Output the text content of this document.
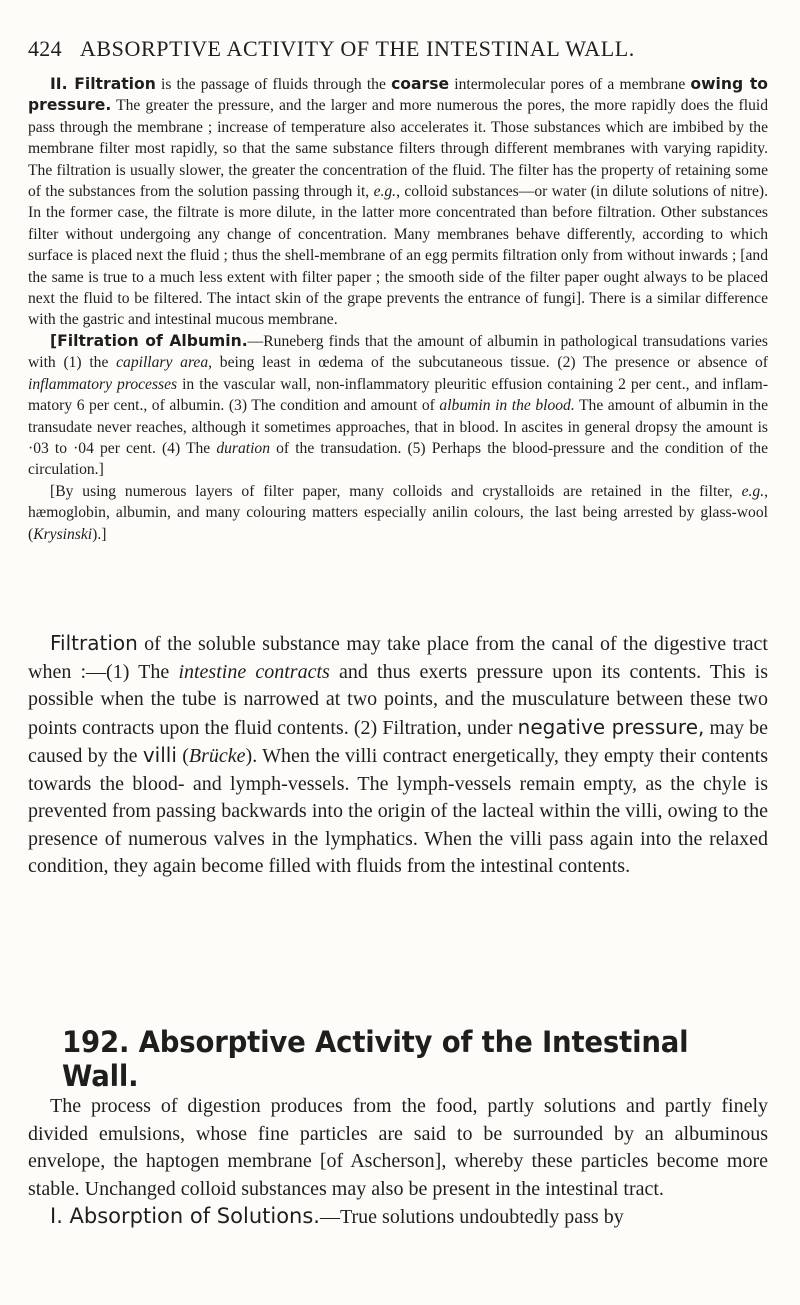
424 ABSORPTIVE ACTIVITY OF THE INTESTINAL WALL.

II. Filtration is the passage of fluids through the coarse intermolecular pores of a membrane owing to pressure. The greater the pressure, and the larger and more numerous the pores, the more rapidly does the fluid pass through the membrane ; increase of temperature also accelerates it. Those substances which are imbibed by the membrane filter most rapidly, so that the same substance filters through different membranes with varying rapidity. The filtration is usually slower, the greater the concentration of the fluid. The filter has the property of retaining some of the substances from the solution passing through it, e.g., colloid substances—or water (in dilute solutions of nitre). In the former case, the filtrate is more dilute, in the latter more concentrated than before filtration. Other substances filter without undergoing any change of concentration. Many membranes behave differently, according to which surface is placed next the fluid ; thus the shell-membrane of an egg permits filtration only from without inwards ; [and the same is true to a much less extent with filter paper ; the smooth side of the filter paper ought always to be placed next the fluid to be filtered. The intact skin of the grape prevents the entrance of fungi]. There is a similar difference with the gastric and intestinal mucous membrane.

[Filtration of Albumin.—Runeberg finds that the amount of albumin in pathological transudations varies with (1) the capillary area, being least in œdema of the subcutaneous tissue. (2) The presence or absence of inflammatory processes in the vascular wall, non-inflammatory pleuritic effusion containing 2 per cent., and inflammatory 6 per cent., of albumin. (3) The condition and amount of albumin in the blood. The amount of albumin in the transudate never reaches, although it sometimes approaches, that in blood. In ascites in general dropsy the amount is ·03 to ·04 per cent. (4) The duration of the transudation. (5) Perhaps the blood-pressure and the condition of the circulation.]

[By using numerous layers of filter paper, many colloids and crystalloids are retained in the filter, e.g., hæmoglobin, albumin, and many colouring matters especially anilin colours, the last being arrested by glass-wool (Krysinski).]

Filtration of the soluble substance may take place from the canal of the digestive tract when :—(1) The intestine contracts and thus exerts pressure upon its contents. This is possible when the tube is narrowed at two points, and the musculature between these two points contracts upon the fluid contents. (2) Filtration, under negative pressure, may be caused by the villi (Brücke). When the villi contract energetically, they empty their contents towards the blood- and lymph-vessels. The lymph-vessels remain empty, as the chyle is prevented from passing backwards into the origin of the lacteal within the villi, owing to the presence of numerous valves in the lymphatics. When the villi pass again into the relaxed condition, they again become filled with fluids from the intestinal contents.

192. Absorptive Activity of the Intestinal Wall.

The process of digestion produces from the food, partly solutions and partly finely divided emulsions, whose fine particles are said to be surrounded by an albuminous envelope, the haptogen membrane [of Ascherson], whereby these particles become more stable. Unchanged colloid substances may also be present in the intestinal tract.

I. Absorption of Solutions.—True solutions undoubtedly pass by
